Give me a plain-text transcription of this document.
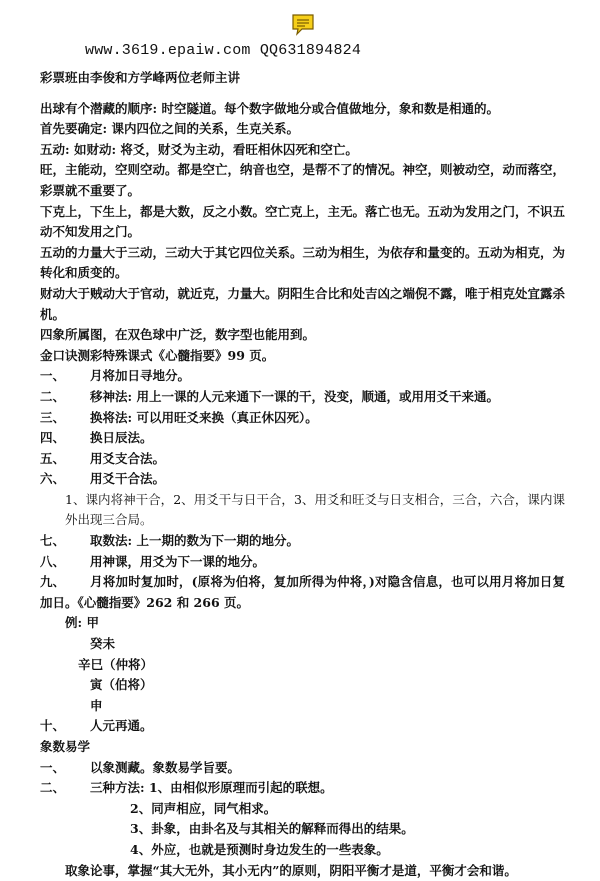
www.3619.epaiw.com QQ631894824
彩票班由李俊和方学峰两位老师主讲
出球有个潜藏的顺序: 时空隧道。每个数字做地分或合值做地分，象和数是相通的。
首先要确定: 课内四位之间的关系，生克关系。
五动: 如财动: 将爻，财爻为主动，看旺相休囚死和空亡。
旺，主能动，空则空动。都是空亡，纳音也空，是帮不了的情况。神空，则被动空，动而落空，彩票就不重要了。
下克上，下生上，都是大数，反之小数。空亡克上，主无。落亡也无。五动为发用之门，不识五动不知发用之门。
五动的力量大于三动，三动大于其它四位关系。三动为相生，为依存和量变的。五动为相克，为转化和质变的。
财动大于贼动大于官动，就近克，力量大。阴阳生合比和处吉凶之端倪不露，唯于相克处宜露杀机。
四象所属图，在双色球中广泛，数字型也能用到。
金口诀测彩特殊课式《心髓指要》99 页。
一、 月将加日寻地分。
二、 移神法: 用上一课的人元来通下一课的干，没变，顺通，或用用爻干来通。
三、 换将法: 可以用旺爻来换（真正休囚死）。
四、 换日辰法。
五、 用爻支合法。
六、 用爻干合法。
1、课内将神干合，2、用爻干与日干合，3、用爻和旺爻与日支相合，三合，六合，课内课外出现三合局。
七、 取数法: 上一期的数为下一期的地分。
八、 用神课，用爻为下一课的地分。
九、 月将加时复加时，(原将为伯将，复加所得为仲将，)对隐含信息，也可以用月将加日复加日。《心髓指要》262 和 266 页。
例: 甲
癸未
辛巳（仲将）
寅（伯将）
申
十、 人元再通。
象数易学
一、 以象测藏。象数易学旨要。
二、 三种方法: 1、由相似形原理而引起的联想。
2、同声相应，同气相求。
3、卦象，由卦名及与其相关的解释而得出的结果。
4、外应，也就是预测时身边发生的一些表象。
取象论事，掌握“其大无外，其小无内”的原则，阴阳平衡才是道，平衡才会和谐。
